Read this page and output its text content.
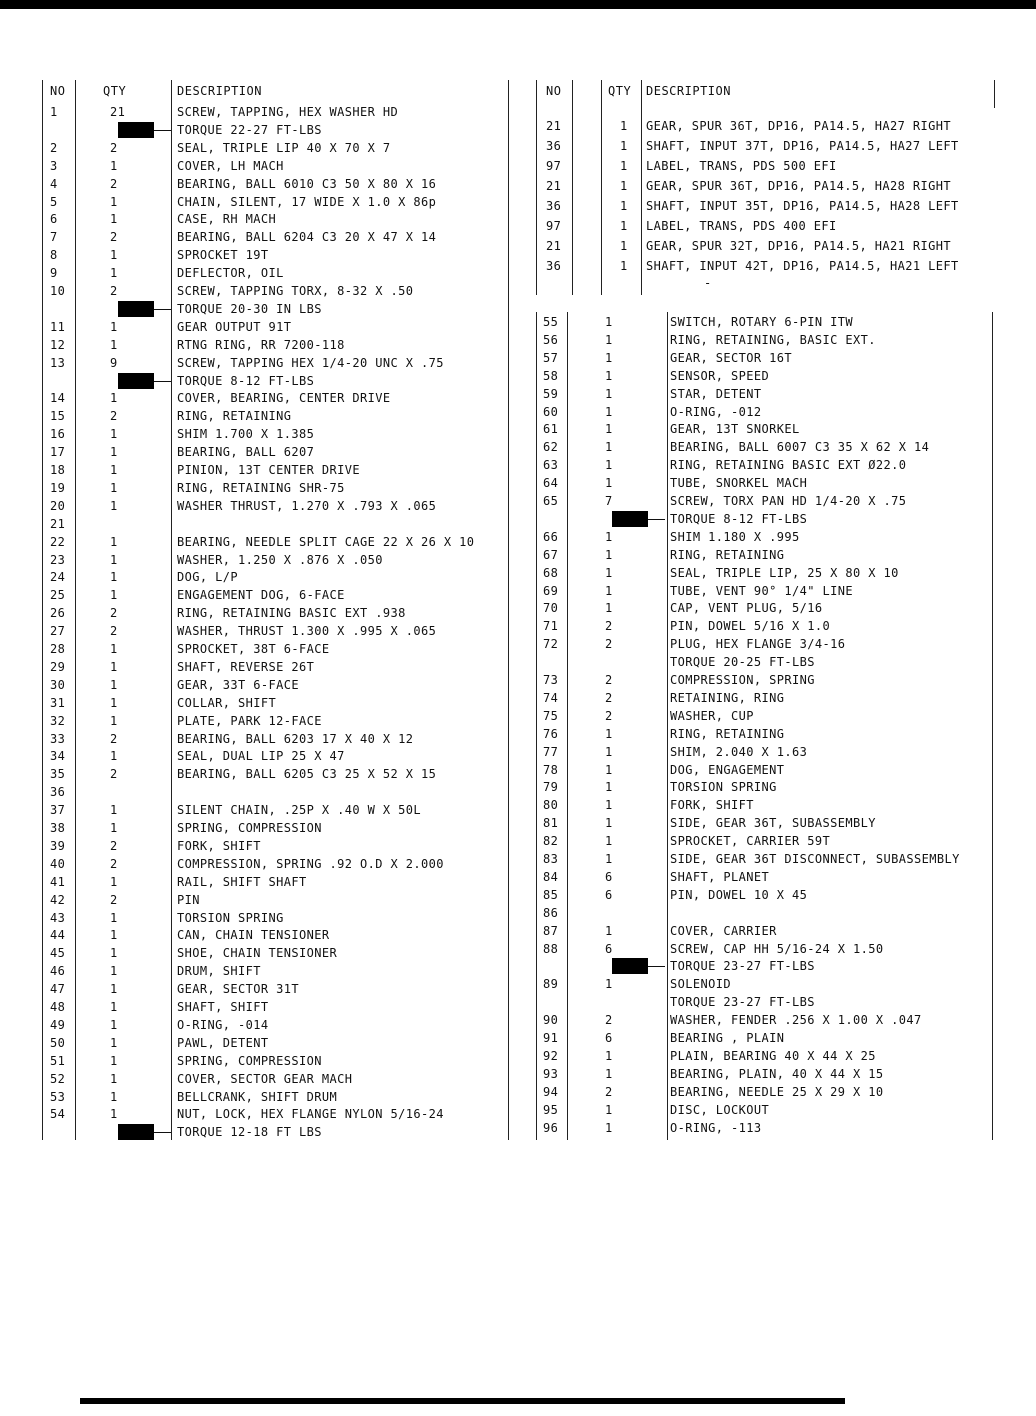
NO	QTY	DESCRIPTION
1	21	SCREW, TAPPING, HEX WASHER HD
TORQUE 22-27 FT-LBS
2	2	SEAL, TRIPLE LIP 40 X 70 X 7
3	1	COVER, LH MACH
4	2	BEARING, BALL 6010 C3 50 X 80 X 16
5	1	CHAIN, SILENT, 17 WIDE X 1.0 X 86p
6	1	CASE, RH MACH
7	2	BEARING, BALL 6204 C3 20 X 47 X 14
8	1	SPROCKET 19T
9	1	DEFLECTOR, OIL
10	2	SCREW, TAPPING TORX, 8-32 X .50
TORQUE 20-30 IN LBS
11	1	GEAR OUTPUT 91T
12	1	RTNG RING, RR 7200-118
13	9	SCREW, TAPPING HEX 1/4-20 UNC X .75
TORQUE 8-12 FT-LBS
14	1	COVER, BEARING, CENTER DRIVE
15	2	RING, RETAINING
16	1	SHIM 1.700 X 1.385
17	1	BEARING, BALL 6207
18	1	PINION, 13T CENTER DRIVE
19	1	RING, RETAINING SHR-75
20	1	WASHER THRUST, 1.270 X .793 X .065
21
22	1	BEARING, NEEDLE SPLIT CAGE 22 X 26 X 10
23	1	WASHER, 1.250 X .876 X .050
24	1	DOG, L/P
25	1	ENGAGEMENT DOG, 6-FACE
26	2	RING, RETAINING BASIC EXT .938
27	2	WASHER, THRUST 1.300 X .995 X .065
28	1	SPROCKET, 38T 6-FACE
29	1	SHAFT, REVERSE 26T
30	1	GEAR, 33T 6-FACE
31	1	COLLAR, SHIFT
32	1	PLATE, PARK 12-FACE
33	2	BEARING, BALL 6203 17 X 40 X 12
34	1	SEAL, DUAL LIP 25 X 47
35	2	BEARING, BALL 6205 C3 25 X 52 X 15
36
37	1	SILENT CHAIN, .25P X .40 W X 50L
38	1	SPRING, COMPRESSION
39	2	FORK, SHIFT
40	2	COMPRESSION, SPRING .92 O.D X 2.000
41	1	RAIL, SHIFT SHAFT
42	2	PIN
43	1	TORSION SPRING
44	1	CAN, CHAIN TENSIONER
45	1	SHOE, CHAIN TENSIONER
46	1	DRUM, SHIFT
47	1	GEAR, SECTOR 31T
48	1	SHAFT, SHIFT
49	1	O-RING, -014
50	1	PAWL, DETENT
51	1	SPRING, COMPRESSION
52	1	COVER, SECTOR GEAR MACH
53	1	BELLCRANK, SHIFT DRUM
54	1	NUT, LOCK, HEX FLANGE NYLON 5/16-24
TORQUE 12-18 FT LBS
NO	QTY DESCRIPTION
21	1 GEAR, SPUR 36T, DP16, PA14.5, HA27 RIGHT
36	1 SHAFT, INPUT 37T, DP16, PA14.5, HA27 LEFT
97	1 LABEL, TRANS, PDS 500 EFI
21	1 GEAR, SPUR 36T, DP16, PA14.5, HA28 RIGHT
36	1 SHAFT, INPUT 35T, DP16, PA14.5, HA28 LEFT
97	1 LABEL, TRANS, PDS 400 EFI
21	1 GEAR, SPUR 32T, DP16, PA14.5, HA21 RIGHT
36	1 SHAFT, INPUT 42T, DP16, PA14.5, HA21 LEFT
-
55	1	SWITCH, ROTARY 6-PIN ITW
56	1	RING, RETAINING, BASIC EXT.
57	1	GEAR, SECTOR 16T
58	1	SENSOR, SPEED
59	1	STAR, DETENT
60	1	O-RING, -012
61	1	GEAR, 13T SNORKEL
62	1	BEARING, BALL 6007 C3 35 X 62 X 14
63	1	RING, RETAINING BASIC EXT Ø22.0
64	1	TUBE, SNORKEL MACH
65	7	SCREW, TORX PAN HD 1/4-20 X .75
TORQUE 8-12 FT-LBS
66	1	SHIM 1.180 X .995
67	1	RING, RETAINING
68	1	SEAL, TRIPLE LIP, 25 X 80 X 10
69	1	TUBE, VENT 90° 1/4" LINE
70	1	CAP, VENT PLUG, 5/16
71	2	PIN, DOWEL 5/16 X 1.0
72	2	PLUG, HEX FLANGE 3/4-16
TORQUE 20-25 FT-LBS
73	2	COMPRESSION, SPRING
74	2	RETAINING, RING
75	2	WASHER, CUP
76	1	RING, RETAINING
77	1	SHIM, 2.040 X 1.63
78	1	DOG, ENGAGEMENT
79	1	TORSION SPRING
80	1	FORK, SHIFT
81	1	SIDE, GEAR 36T, SUBASSEMBLY
82	1	SPROCKET, CARRIER 59T
83	1	SIDE, GEAR 36T DISCONNECT, SUBASSEMBLY
84	6	SHAFT, PLANET
85	6	PIN, DOWEL 10 X 45
86
87	1	COVER, CARRIER
88	6	SCREW, CAP HH 5/16-24 X 1.50
TORQUE 23-27 FT-LBS
89	1	SOLENOID
TORQUE 23-27 FT-LBS
90	2	WASHER, FENDER .256 X 1.00 X .047
91	6	BEARING , PLAIN
92	1	PLAIN, BEARING 40 X 44 X 25
93	1	BEARING, PLAIN, 40 X 44 X 15
94	2	BEARING, NEEDLE 25 X 29 X 10
95	1	DISC, LOCKOUT
96	1	O-RING, -113
